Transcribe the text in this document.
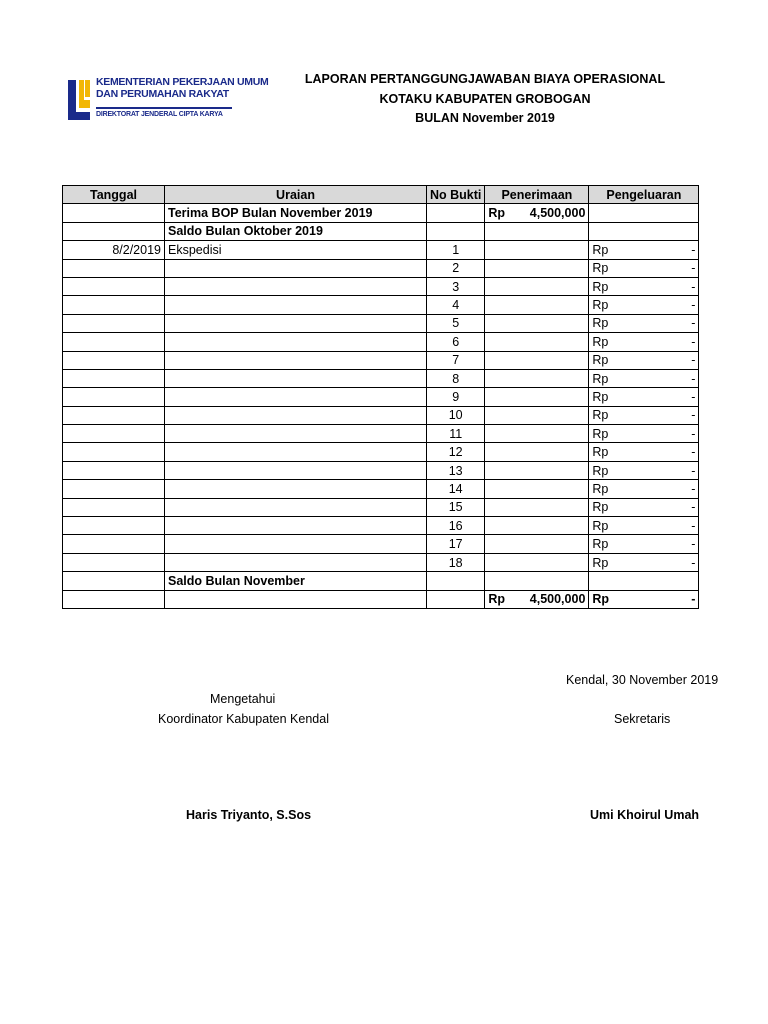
KEMENTERIAN PEKERJAAN UMUM
DAN PERUMAHAN RAKYAT
DIREKTORAT JENDERAL CIPTA KARYA
LAPORAN PERTANGGUNGJAWABAN BIAYA OPERASIONAL
KOTAKU KABUPATEN GROBOGAN
BULAN November 2019
Tanggal	Uraian	No Bukti	Penerimaan	Pengeluaran
	Terima BOP Bulan November 2019		Rp 4,500,000	

	Saldo Bulan Oktober 2019			
8/2/2019	Ekspedisi	1		Rp -

		2		Rp -

		3		Rp -

		4		Rp -

		5		Rp -

		6		Rp -

		7		Rp -

		8		Rp -

		9		Rp -

		10		Rp -

		11		Rp -

		12		Rp -

		13		Rp -

		14		Rp -

		15		Rp -

		16		Rp -

		17		Rp -

		18		Rp -

	Saldo Bulan November			

			Rp 4,500,000	Rp -
Kendal, 30 November 2019
Mengetahui
Koordinator Kabupaten Kendal	Sekretaris
Haris Triyanto, S.Sos	Umi Khoirul Umah
